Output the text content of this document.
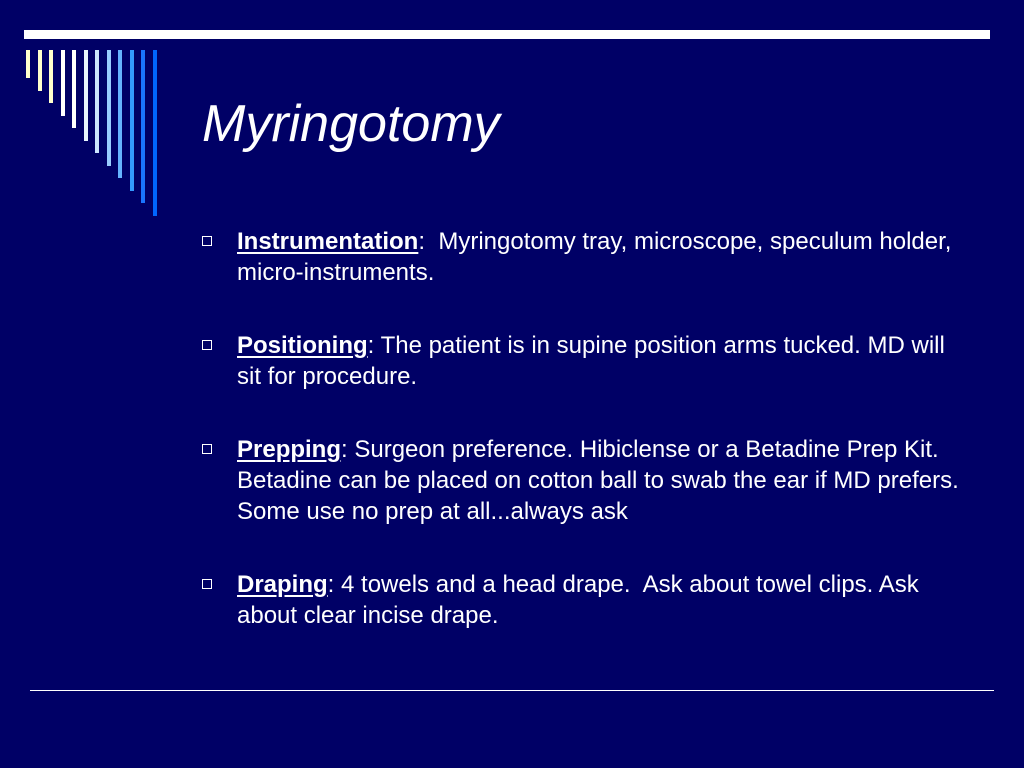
Myringotomy
Instrumentation:  Myringotomy tray, microscope, speculum holder, micro-instruments.
Positioning: The patient is in supine position arms tucked. MD will sit for procedure.
Prepping: Surgeon preference. Hibiclense or a Betadine Prep Kit.  Betadine can be placed on cotton ball to swab the ear if MD prefers.  Some use no prep at all...always ask
Draping: 4 towels and a head drape.  Ask about towel clips. Ask about clear incise drape.
